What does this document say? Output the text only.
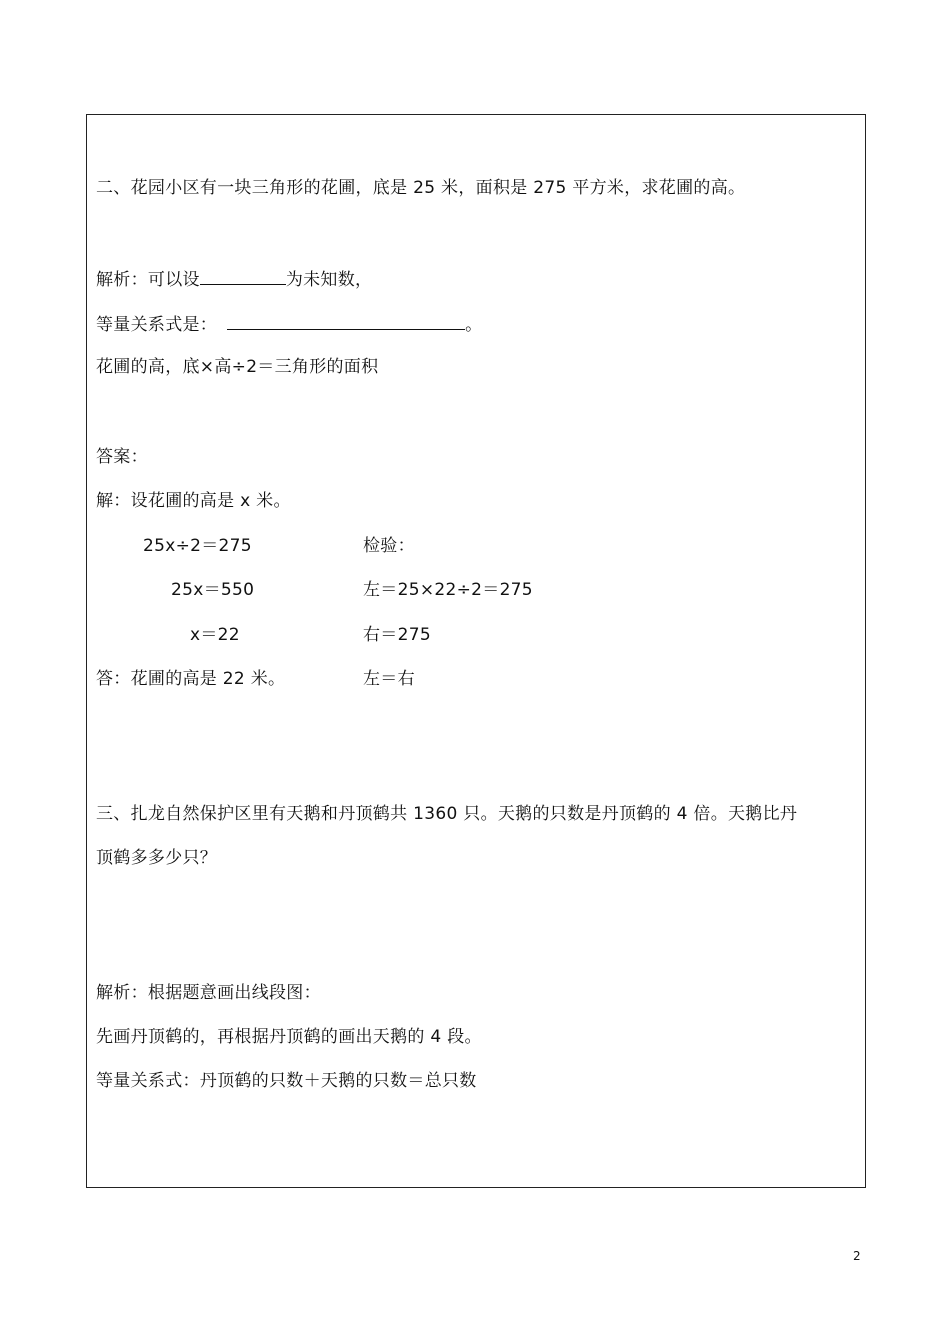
二、花园小区有一块三角形的花圃，底是 25 米，面积是 275 平方米，求花圃的高。
解析：可以设	为未知数，
等量关系式是：	。
花圃的高，底×高÷2＝三角形的面积
答案：
解：设花圃的高是 x 米。
25x÷2＝275	检验：
25x＝550	左＝25×22÷2＝275
x＝22	右＝275
答：花圃的高是 22 米。	左＝右
三、扎龙自然保护区里有天鹅和丹顶鹤共 1360 只。天鹅的只数是丹顶鹤的 4 倍。天鹅比丹
顶鹤多多少只？
解析：根据题意画出线段图：
先画丹顶鹤的，再根据丹顶鹤的画出天鹅的 4 段。
等量关系式：丹顶鹤的只数＋天鹅的只数＝总只数
2
